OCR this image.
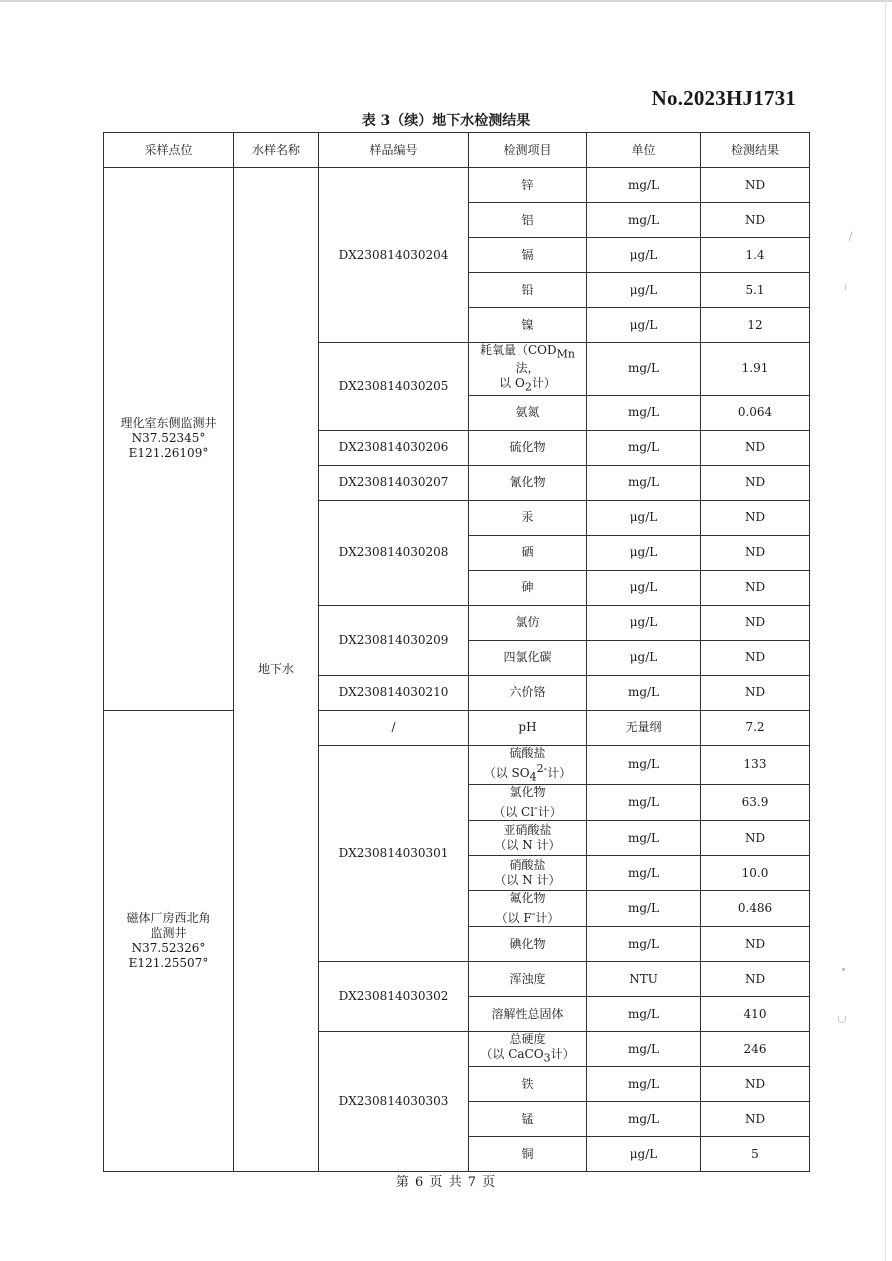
No.2023HJ1731
表 3（续）地下水检测结果
采样点位	水样名称	样品编号	检测项目	单位	检测结果

理化室东侧监测井
N37.52345°
E121.26109°	地下水	DX230814030204	锌	mg/L	ND
			铝	mg/L	ND
			镉	μg/L	1.4
			铅	μg/L	5.1
			镍	μg/L	12
		DX230814030205	耗氧量（$COD_{Mn}$法，
以 $O_2$计）	mg/L	1.91
			氨氮	mg/L	0.064
		DX230814030206	硫化物	mg/L	ND
		DX230814030207	氰化物	mg/L	ND
		DX230814030208	汞	μg/L	ND
			硒	μg/L	ND
			砷	μg/L	ND
		DX230814030209	氯仿	μg/L	ND
			四氯化碳	μg/L	ND
		DX230814030210	六价铬	mg/L	ND

磁体厂房西北角
监测井
N37.52326°
E121.25507°		/	pH	无量纲	7.2
		DX230814030301	硫酸盐
（以 $SO_4^{2-}$计）	mg/L	133

			氯化物
（以 Cl-计）	mg/L	63.9

			亚硝酸盐
（以 N 计）	mg/L	ND

			硝酸盐
（以 N 计）	mg/L	10.0

			氟化物
（以 F-计）	mg/L	0.486
			碘化物	mg/L	ND
		DX230814030302	浑浊度	NTU	ND
			溶解性总固体	mg/L	410
		DX230814030303	总硬度
（以 CaCO$_3$计）	mg/L	246
			铁	mg/L	ND
			锰	mg/L	ND
			铜	μg/L	5
第 6 页 共 7 页
